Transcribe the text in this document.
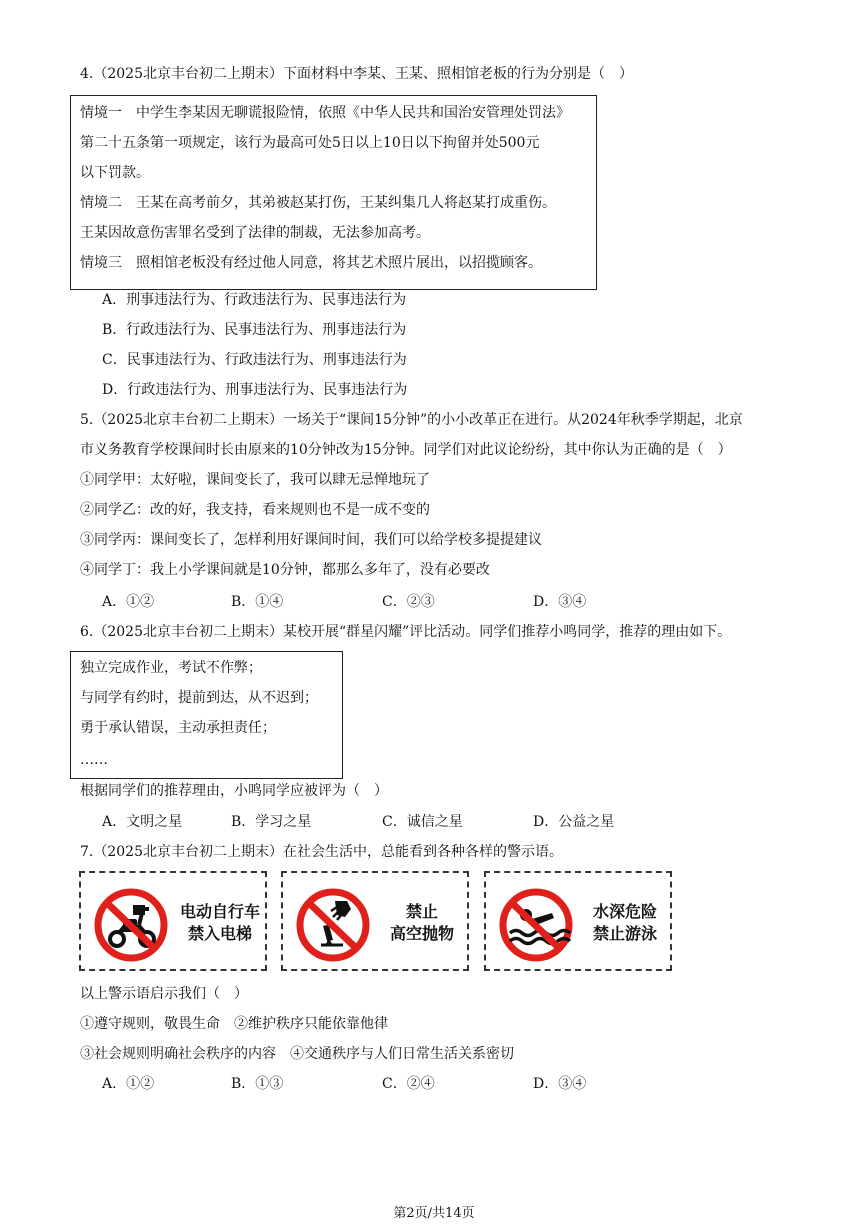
4.（2025北京丰台初二上期末）下面材料中李某、王某、照相馆老板的行为分别是（　）
情境一　中学生李某因无聊谎报险情，依照《中华人民共和国治安管理处罚法》
第二十五条第一项规定，该行为最高可处5日以上10日以下拘留并处500元
以下罚款。
情境二　王某在高考前夕，其弟被赵某打伤，王某纠集几人将赵某打成重伤。
王某因故意伤害罪名受到了法律的制裁，无法参加高考。
情境三　照相馆老板没有经过他人同意，将其艺术照片展出，以招揽顾客。
A．刑事违法行为、行政违法行为、民事违法行为
B．行政违法行为、民事违法行为、刑事违法行为
C．民事违法行为、行政违法行为、刑事违法行为
D．行政违法行为、刑事违法行为、民事违法行为
5.（2025北京丰台初二上期末）一场关于“课间15分钟”的小小改革正在进行。从2024年秋季学期起，北京
市义务教育学校课间时长由原来的10分钟改为15分钟。同学们对此议论纷纷，其中你认为正确的是（　）
①同学甲：太好啦，课间变长了，我可以肆无忌惮地玩了
②同学乙：改的好，我支持，看来规则也不是一成不变的
③同学丙：课间变长了，怎样利用好课间时间，我们可以给学校多提提建议
④同学丁：我上小学课间就是10分钟，都那么多年了，没有必要改
A．①②	B．①④	C．②③	D．③④
6.（2025北京丰台初二上期末）某校开展“群星闪耀”评比活动。同学们推荐小鸣同学，推荐的理由如下。
独立完成作业，考试不作弊；
与同学有约时，提前到达，从不迟到；
勇于承认错误，主动承担责任；
……
根据同学们的推荐理由，小鸣同学应被评为（　）
A．文明之星	B．学习之星	C．诚信之星	D．公益之星
7.（2025北京丰台初二上期末）在社会生活中，总能看到各种各样的警示语。
电动自行车
禁入电梯
禁止
高空抛物
水深危险
禁止游泳
以上警示语启示我们（　）
①遵守规则，敬畏生命　②维护秩序只能依靠他律
③社会规则明确社会秩序的内容　④交通秩序与人们日常生活关系密切
A．①②	B．①③	C．②④	D．③④
第2页/共14页
